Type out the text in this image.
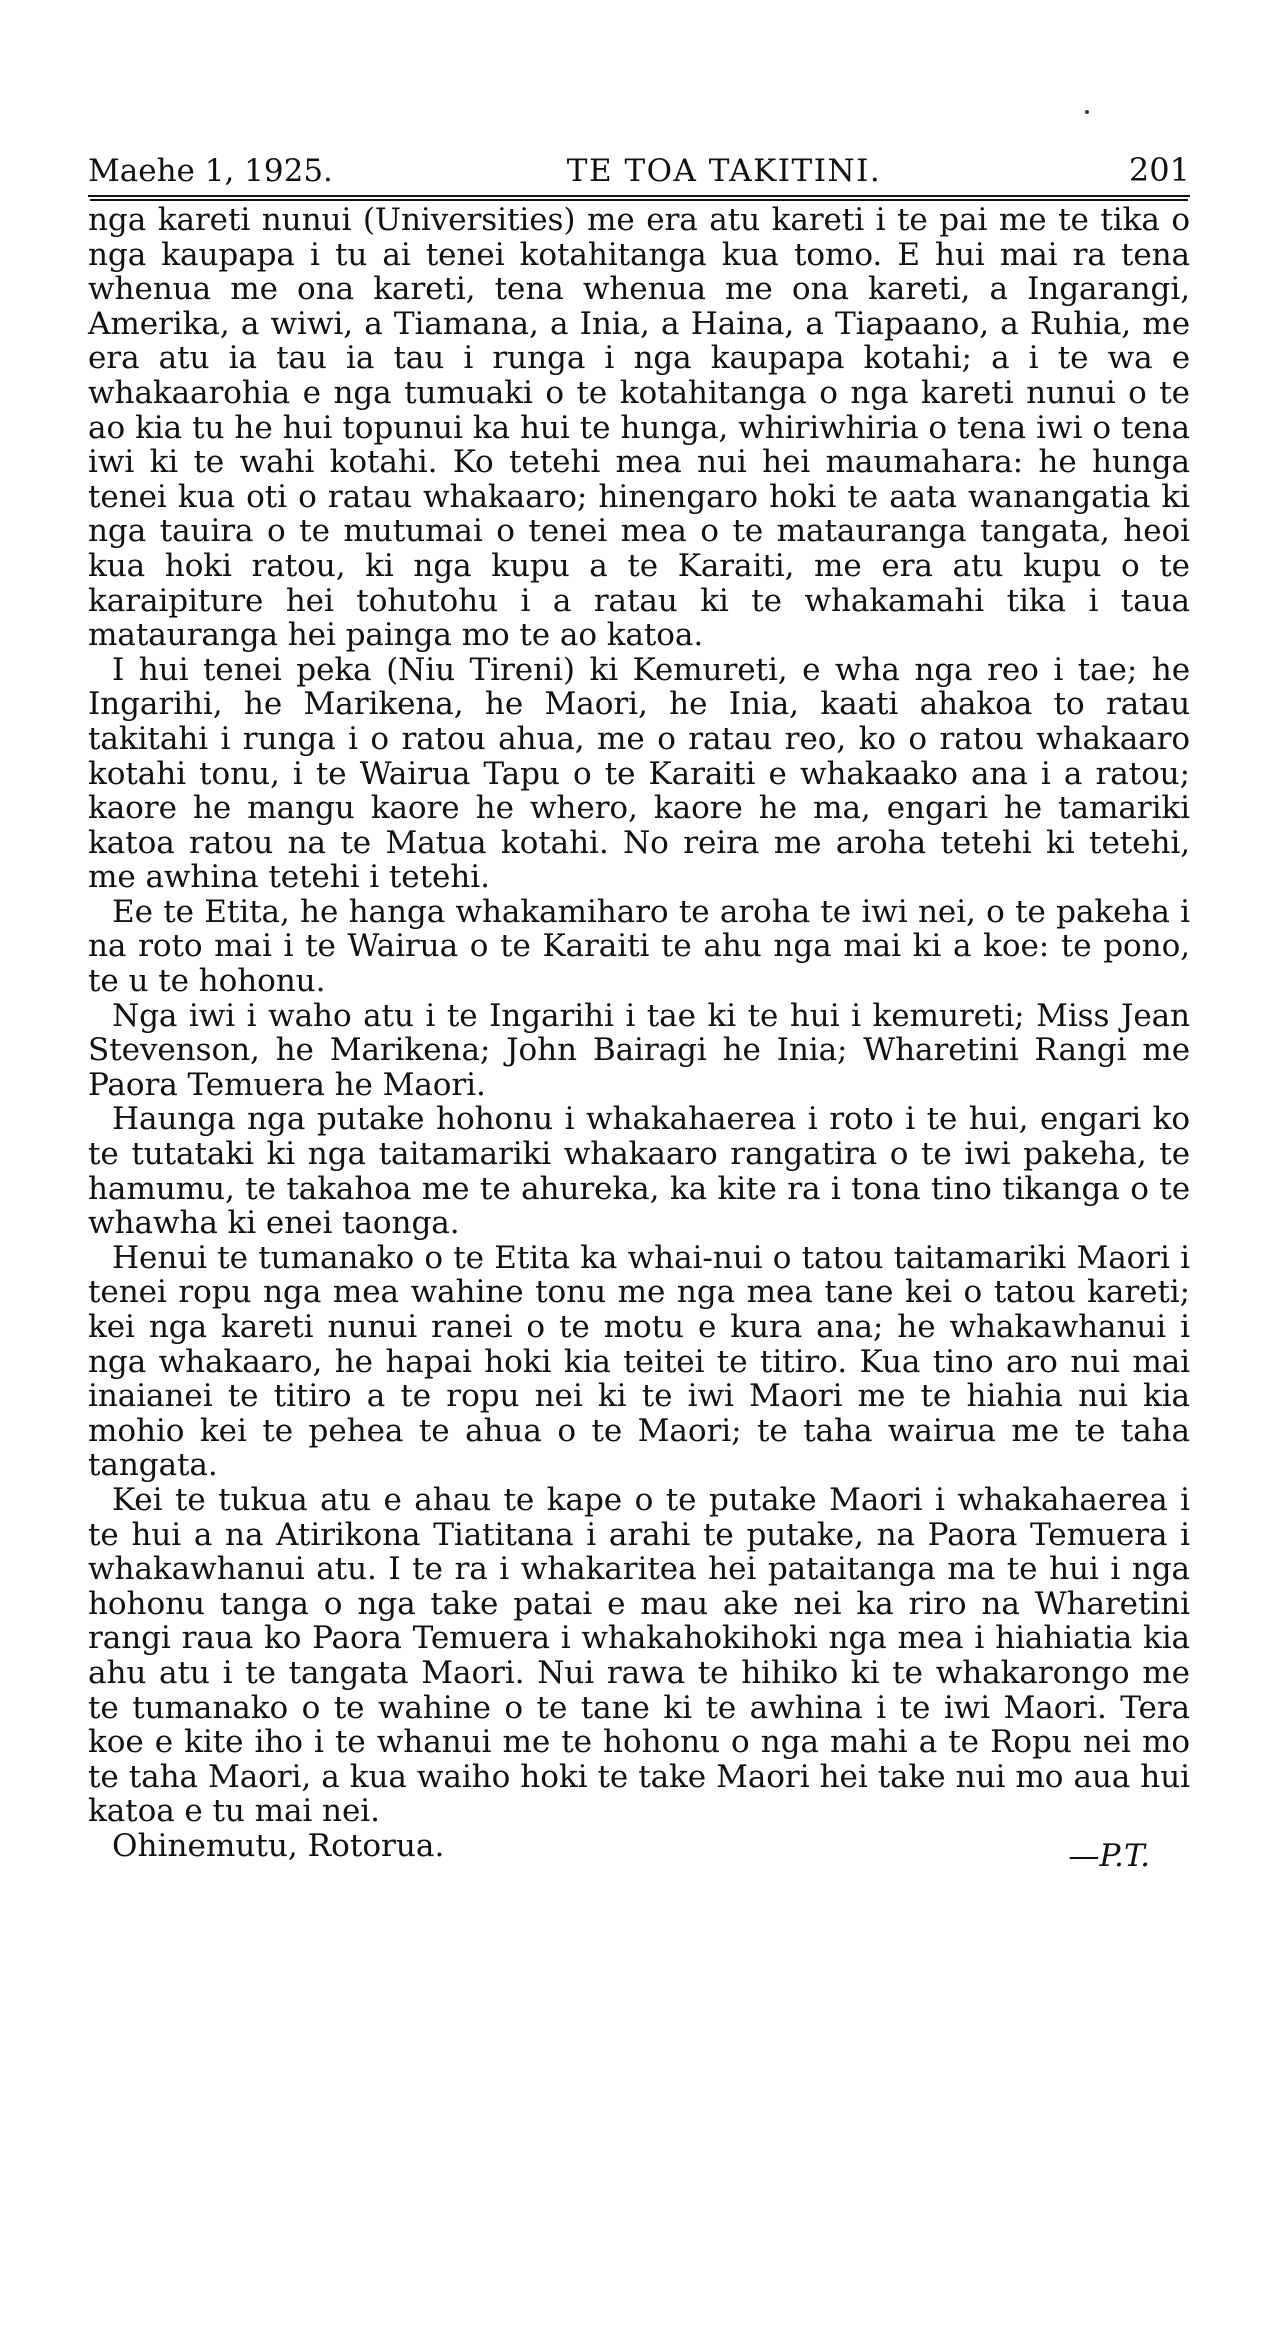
Maehe 1, 1925.	TE TOA TAKITINI.	201

nga kareti nunui (Universities) me era atu kareti i te pai me te tika o nga kaupapa i tu ai tenei kotahitanga kua tomo. E hui mai ra tena whenua me ona kareti, tena whenua me ona kareti, a Ingarangi, Amerika, a wiwi, a Tiamana, a Inia, a Haina, a Tiapaano, a Ruhia, me era atu ia tau ia tau i runga i nga kaupapa kotahi; a i te wa e whakaarohia e nga tumuaki o te kotahitanga o nga kareti nunui o te ao kia tu he hui topunui ka hui te hunga, whiriwhiria o tena iwi o tena iwi ki te wahi kotahi. Ko tetehi mea nui hei maumahara: he hunga tenei kua oti o ratau whakaaro; hinengaro hoki te aata wanangatia ki nga tauira o te mutumai o tenei mea o te matauranga tangata, heoi kua hoki ratou, ki nga kupu a te Karaiti, me era atu kupu o te karaipiture hei tohutohu i a ratau ki te whakamahi tika i taua matauranga hei painga mo te ao katoa.

I hui tenei peka (Niu Tireni) ki Kemureti, e wha nga reo i tae; he Ingarihi, he Marikena, he Maori, he Inia, kaati ahakoa to ratau takitahi i runga i o ratou ahua, me o ratau reo, ko o ratou whakaaro kotahi tonu, i te Wairua Tapu o te Karaiti e whakaako ana i a ratou; kaore he mangu kaore he whero, kaore he ma, engari he tamariki katoa ratou na te Matua kotahi. No reira me aroha tetehi ki tetehi, me awhina tetehi i tetehi.

Ee te Etita, he hanga whakamiharo te aroha te iwi nei, o te pakeha i na roto mai i te Wairua o te Karaiti te ahu nga mai ki a koe: te pono, te u te hohonu.

Nga iwi i waho atu i te Ingarihi i tae ki te hui i kemureti; Miss Jean Stevenson, he Marikena; John Bairagi he Inia; Wharetini Rangi me Paora Temuera he Maori.

Haunga nga putake hohonu i whakahaerea i roto i te hui, engari ko te tutataki ki nga taitamariki whakaaro rangatira o te iwi pakeha, te hamumu, te takahoa me te ahureka, ka kite ra i tona tino tikanga o te whawha ki enei taonga.

Henui te tumanako o te Etita ka whai-nui o tatou taitamariki Maori i tenei ropu nga mea wahine tonu me nga mea tane kei o tatou kareti; kei nga kareti nunui ranei o te motu e kura ana; he whakawhanui i nga whakaaro, he hapai hoki kia teitei te titiro. Kua tino aro nui mai inaianei te titiro a te ropu nei ki te iwi Maori me te hiahia nui kia mohio kei te pehea te ahua o te Maori; te taha wairua me te taha tangata.

Kei te tukua atu e ahau te kape o te putake Maori i whakahaerea i te hui a na Atirikona Tiatitana i arahi te putake, na Paora Temuera i whakawhanui atu. I te ra i whakaritea hei pataitanga ma te hui i nga hohonu tanga o nga take patai e mau ake nei ka riro na Wharetini rangi raua ko Paora Temuera i whakahokihoki nga mea i hiahiatia kia ahu atu i te tangata Maori. Nui rawa te hihiko ki te whakarongo me te tumanako o te wahine o te tane ki te awhina i te iwi Maori. Tera koe e kite iho i te whanui me te hohonu o nga mahi a te Ropu nei mo te taha Maori, a kua waiho hoki te take Maori hei take nui mo aua hui katoa e tu mai nei.

Ohinemutu, Rotorua.	—P.T.
